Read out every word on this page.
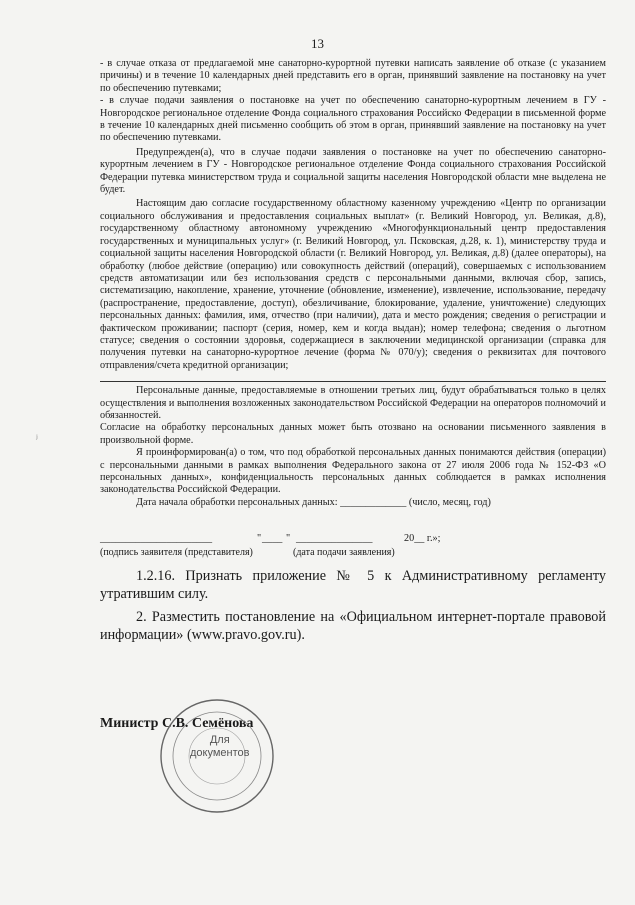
13
ʲ

- в случае отказа от предлагаемой мне санаторно-курортной путевки написать заявление об отказе (с указанием причины) и в течение 10 календарных дней представить его в орган, принявший заявление на постановку на учет по обеспечению путевками;

- в случае подачи заявления о постановке на учет по обеспечению санаторно-курортным лечением в ГУ - Новгородское региональное отделение Фонда социального страхования Российско Федерации в письменной форме в течение 10 календарных дней письменно сообщить об этом в орган, принявший заявление на постановку на учет по обеспечению путевками.

Предупрежден(а), что в случае подачи заявления о постановке на учет по обеспечению санаторно-курортным лечением в ГУ - Новгородское региональное отделение Фонда социального страхования Российской Федерации путевка министерством труда и социальной защиты населения Новгородской области мне выделена не будет.

Настоящим даю согласие государственному областному казенному учреждению «Центр по организации социального обслуживания и предоставления социальных выплат» (г. Великий Новгород, ул. Великая, д.8), государственному областному автономному учреждению «Многофункциональный центр предоставления государственных и муниципальных услуг» (г. Великий Новгород, ул. Псковская, д.28, к. 1), министерству труда и социальной защиты населения Новгородской области (г. Великий Новгород, ул. Великая, д.8) (далее операторы), на обработку (любое действие (операцию) или совокупность действий (операций), совершаемых с использованием средств автоматизации или без использования средств с персональными данными, включая сбор, запись, систематизацию, накопление, хранение, уточнение (обновление, изменение), извлечение, использование, передачу (распространение, предоставление, доступ), обезличивание, блокирование, удаление, уничтожение) следующих персональных данных: фамилия, имя, отчество (при наличии), дата и место рождения; сведения о регистрации и фактическом проживании; паспорт (серия, номер, кем и когда выдан); номер телефона; сведения о льготном статусе; сведения о состоянии здоровья, содержащиеся в заключении медицинской организации (справка для получения путевки на санаторно-курортное лечение (форма № 070/у); сведения о реквизитах для почтового отправления/счета кредитной организации;

Персональные данные, предоставляемые в отношении третьих лиц, будут обрабатываться только в целях осуществления и выполнения возложенных законодательством Российской Федерации на операторов полномочий и обязанностей.

Согласие на обработку персональных данных может быть отозвано на основании письменного заявления в произвольной форме.

Я проинформирован(а) о том, что под обработкой персональных данных понимаются действия (операции) с персональными данными в рамках выполнения Федерального закона от 27 июля 2006 года № 152-ФЗ «О персональных данных», конфиденциальность персональных данных соблюдается в рамках исполнения законодательства Российской Федерации.

Дата начала обработки персональных данных: _____________ (число, месяц, год)

______________________	" ____ " _______________	20__ г.»;
(подпись заявителя (представителя)	(дата подачи заявления)

1.2.16. Признать приложение № 5 к Административному регламенту утратившим силу.

2. Разместить постановление на «Официальном интернет-портале правовой информации» (www.pravo.gov.ru).

Министр С.В. Семёнова
Для
документов
